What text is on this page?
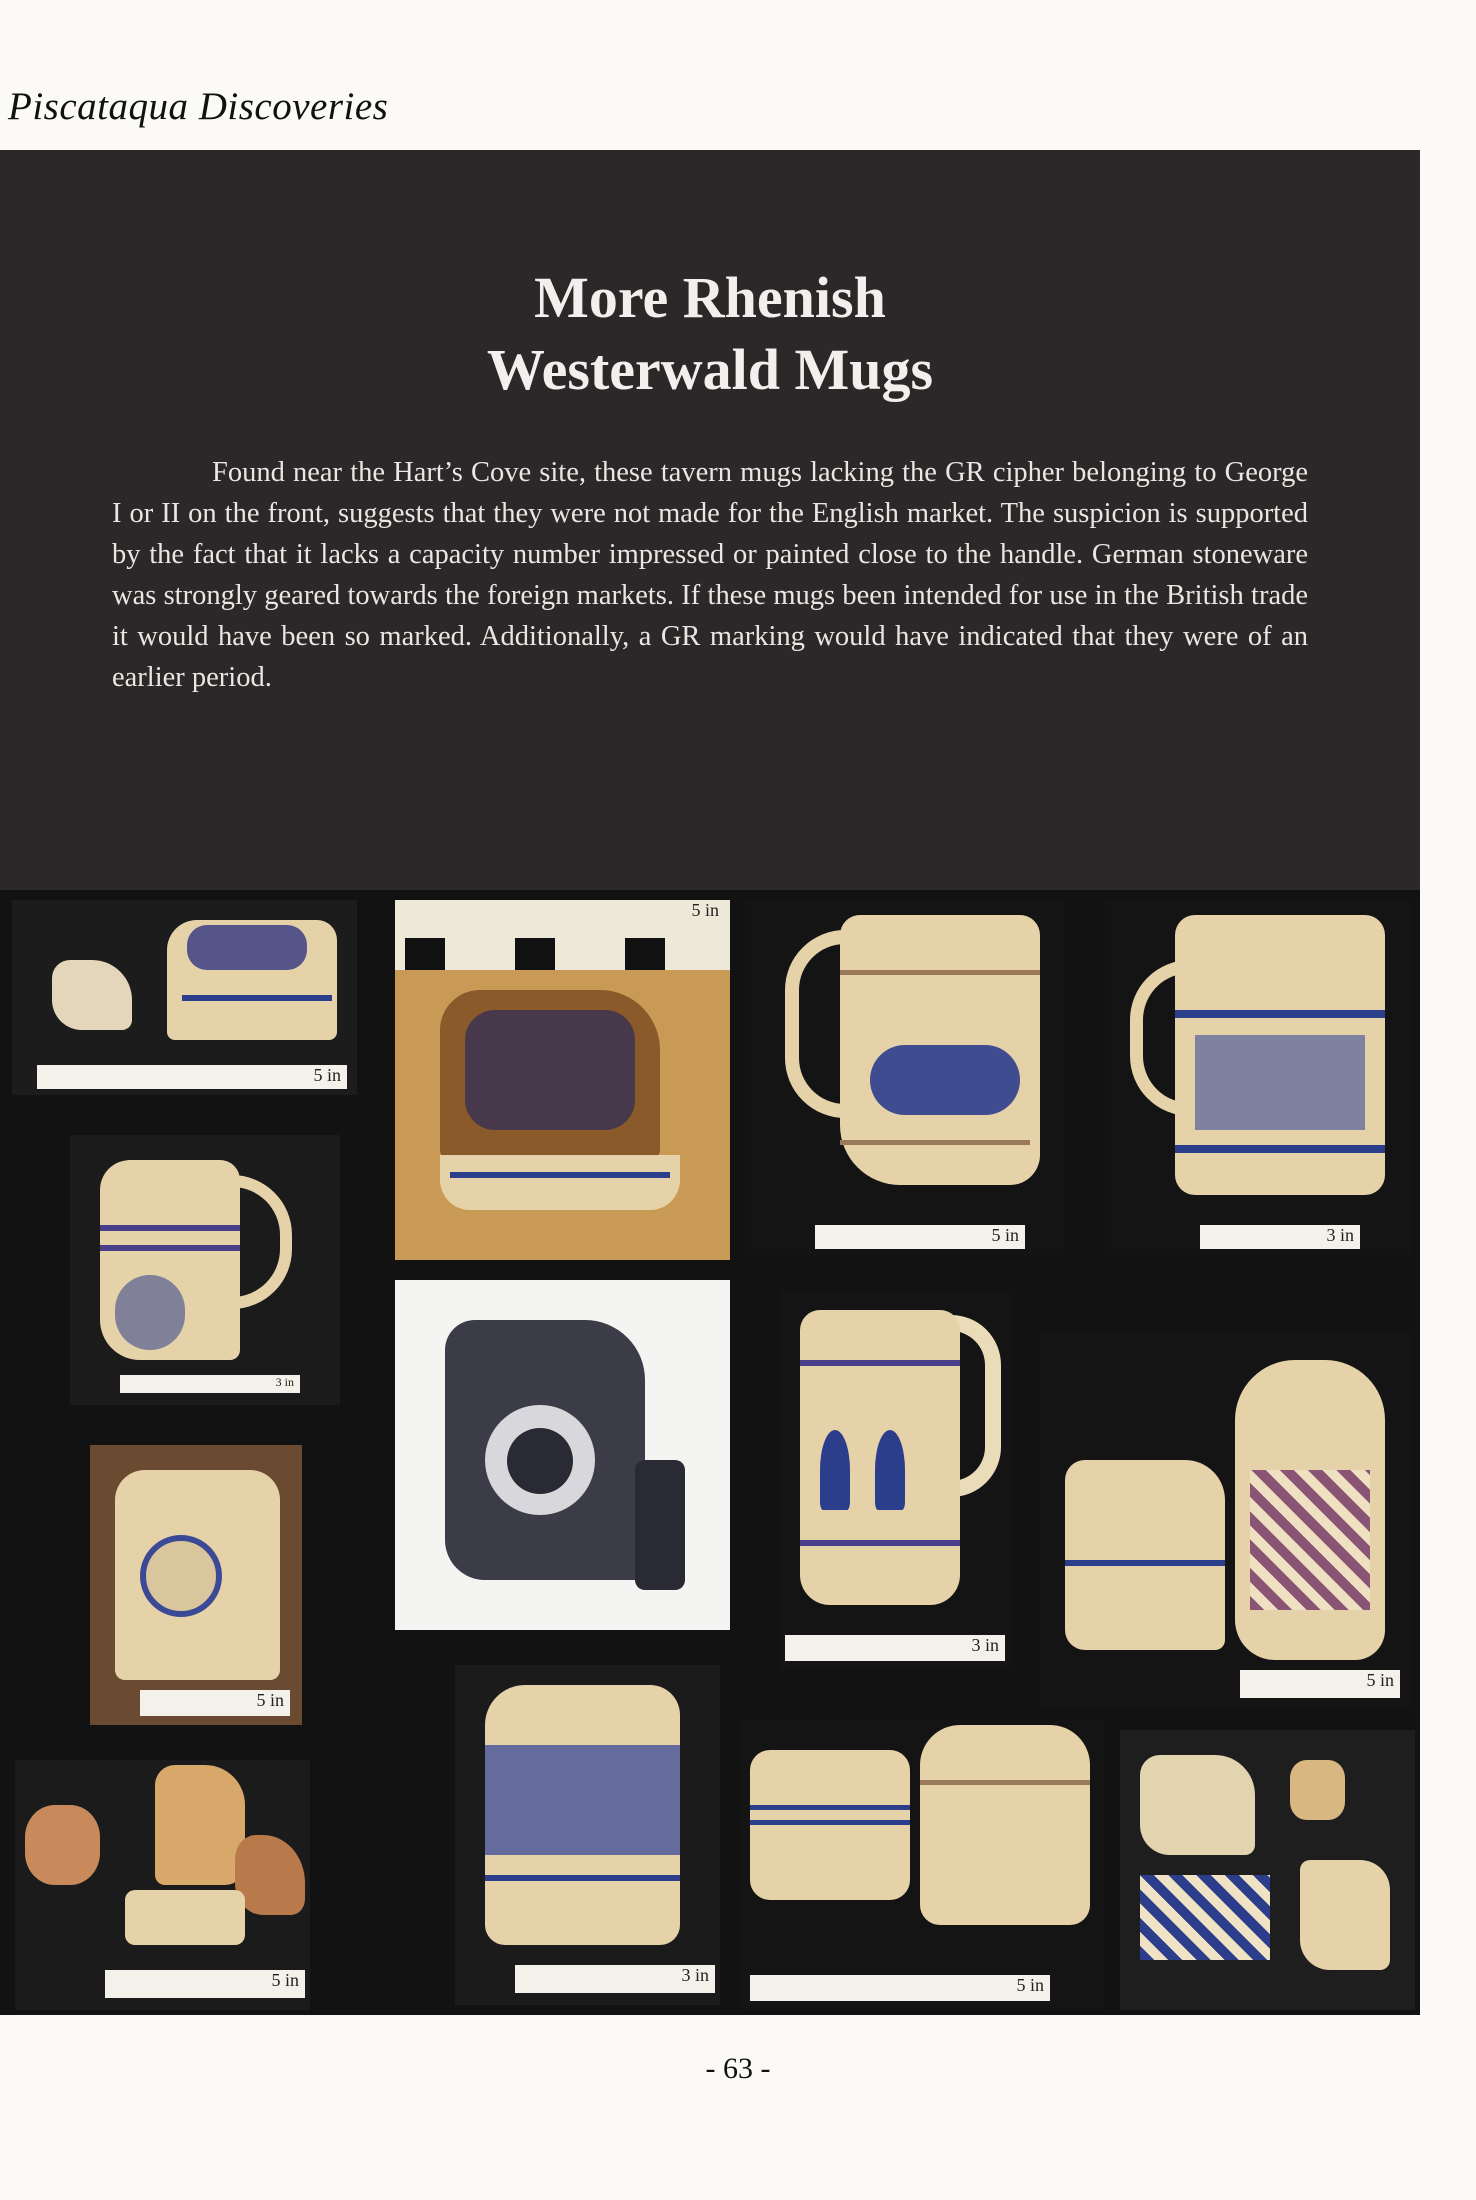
Piscataqua Discoveries
More Rhenish
Westerwald Mugs

Found near the Hart’s Cove site, these tavern mugs lacking the GR cipher belonging to George I or II on the front, suggests that they were not made for the English market. The suspicion is supported by the fact that it lacks a capacity number impressed or painted close to the handle. German stoneware was strongly geared towards the foreign markets. If these mugs been intended for use in the British trade it would have been so marked. Additionally, a GR marking would have indicated that they were of an earlier period.

5 in
5 in
5 in	3 in
3 in
3 in
5 in
5 in
3 in	5 in
5 in
- 63 -
